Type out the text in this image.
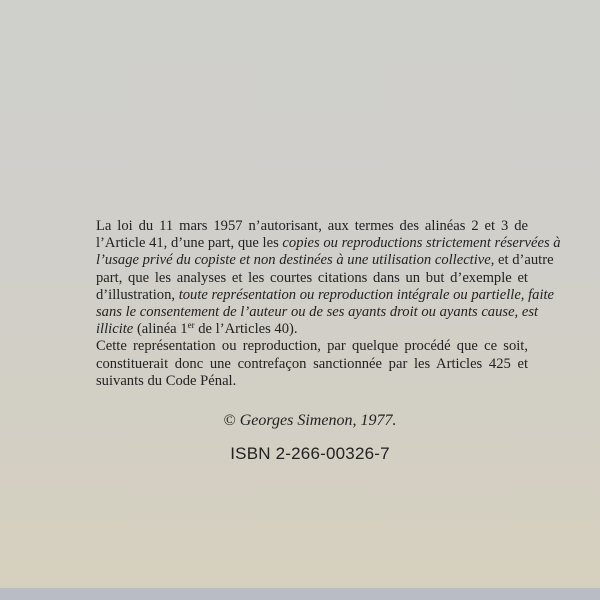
La loi du 11 mars 1957 n’autorisant, aux termes des alinéas 2 et 3 de
l’Article 41, d’une part, que les copies ou reproductions strictement réservées à
l’usage privé du copiste et non destinées à une utilisation collective, et d’autre
part, que les analyses et les courtes citations dans un but d’exemple et
d’illustration, toute représentation ou reproduction intégrale ou partielle, faite
sans le consentement de l’auteur ou de ses ayants droit ou ayants cause, est
illicite (alinéa 1er de l’Articles 40).

Cette représentation ou reproduction, par quelque procédé que ce soit,
constituerait donc une contrefaçon sanctionnée par les Articles 425 et
suivants du Code Pénal.

© Georges Simenon, 1977.
ISBN 2-266-00326-7
